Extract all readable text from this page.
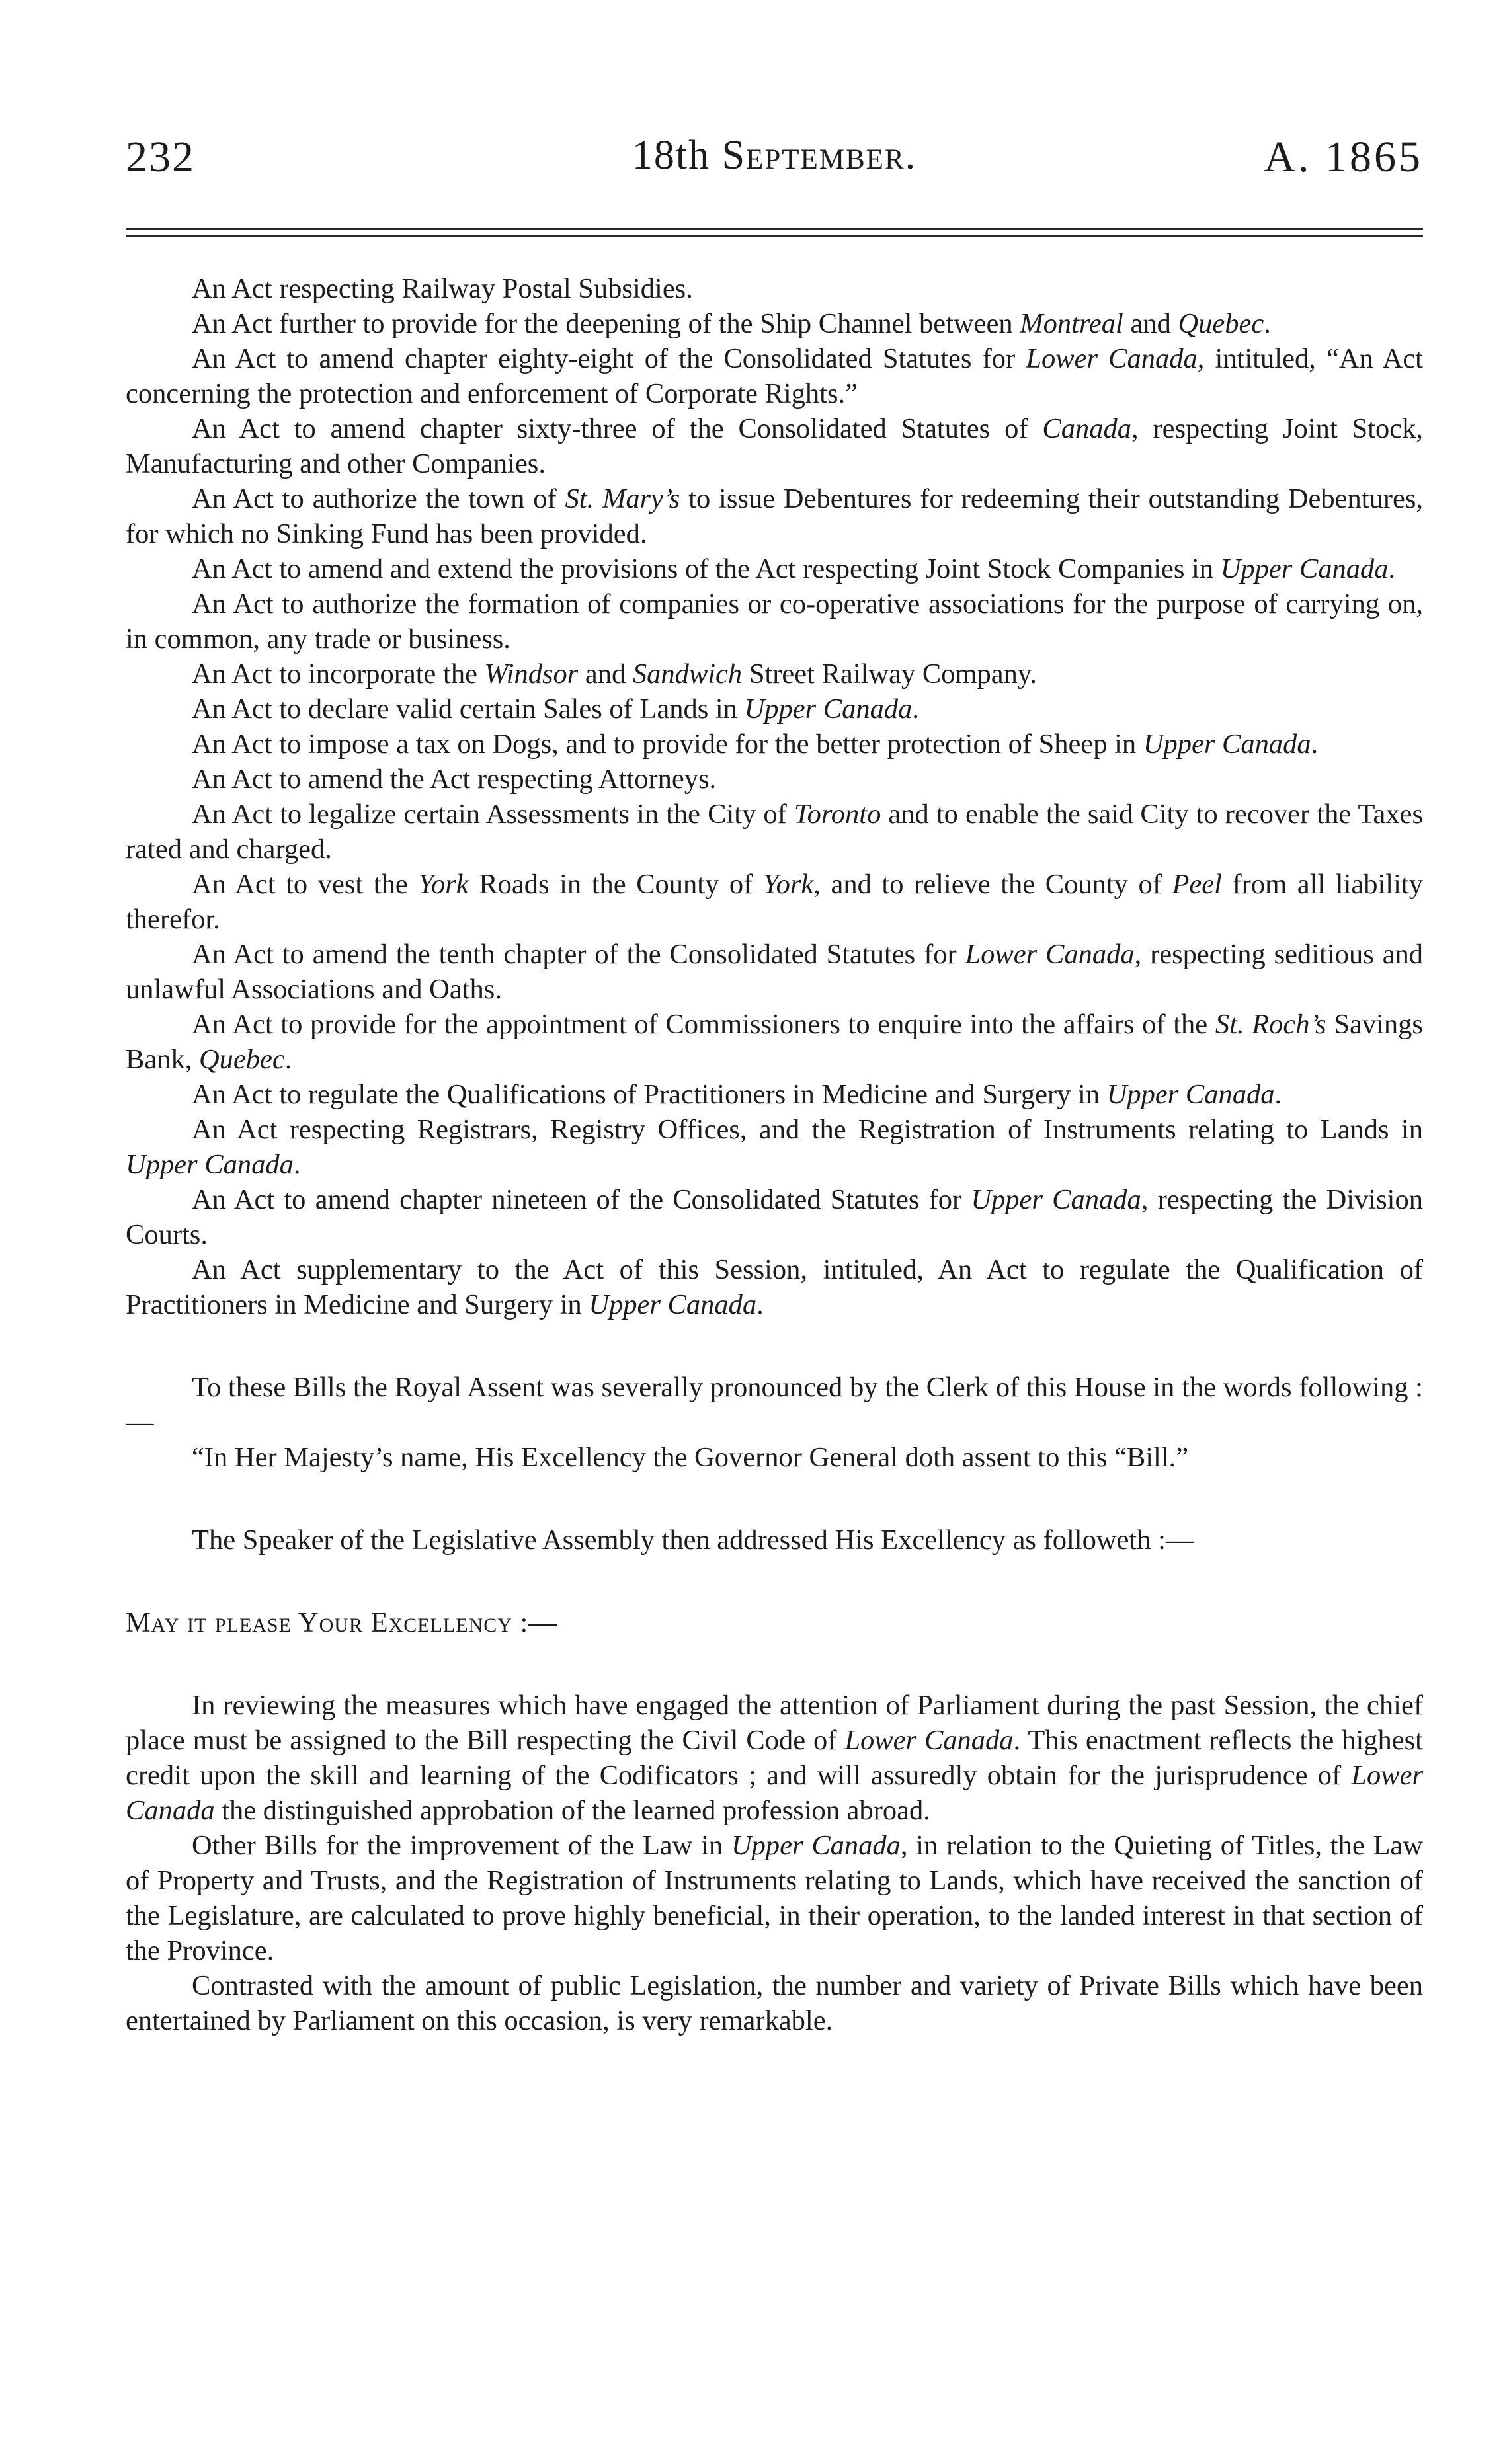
232	18th September.	A. 1865

An Act respecting Railway Postal Subsidies.

An Act further to provide for the deepening of the Ship Channel between Montreal and Quebec.

An Act to amend chapter eighty-eight of the Consolidated Statutes for Lower Canada, intituled, “An Act concerning the protection and enforcement of Corporate Rights.”

An Act to amend chapter sixty-three of the Consolidated Statutes of Canada, respecting Joint Stock, Manufacturing and other Companies.

An Act to authorize the town of St. Mary’s to issue Debentures for redeeming their outstanding Debentures, for which no Sinking Fund has been provided.

An Act to amend and extend the provisions of the Act respecting Joint Stock Companies in Upper Canada.

An Act to authorize the formation of companies or co-operative associations for the purpose of carrying on, in common, any trade or business.

An Act to incorporate the Windsor and Sandwich Street Railway Company.

An Act to declare valid certain Sales of Lands in Upper Canada.

An Act to impose a tax on Dogs, and to provide for the better protection of Sheep in Upper Canada.

An Act to amend the Act respecting Attorneys.

An Act to legalize certain Assessments in the City of Toronto and to enable the said City to recover the Taxes rated and charged.

An Act to vest the York Roads in the County of York, and to relieve the County of Peel from all liability therefor.

An Act to amend the tenth chapter of the Consolidated Statutes for Lower Canada, respecting seditious and unlawful Associations and Oaths.

An Act to provide for the appointment of Commissioners to enquire into the affairs of the St. Roch’s Savings Bank, Quebec.

An Act to regulate the Qualifications of Practitioners in Medicine and Surgery in Upper Canada.

An Act respecting Registrars, Registry Offices, and the Registration of Instruments relating to Lands in Upper Canada.

An Act to amend chapter nineteen of the Consolidated Statutes for Upper Canada, respecting the Division Courts.

An Act supplementary to the Act of this Session, intituled, An Act to regulate the Qualification of Practitioners in Medicine and Surgery in Upper Canada.

To these Bills the Royal Assent was severally pronounced by the Clerk of this House in the words following :—

“In Her Majesty’s name, His Excellency the Governor General doth assent to this “Bill.”

The Speaker of the Legislative Assembly then addressed His Excellency as followeth :—

May it please Your Excellency :—

In reviewing the measures which have engaged the attention of Parliament during the past Session, the chief place must be assigned to the Bill respecting the Civil Code of Lower Canada. This enactment reflects the highest credit upon the skill and learning of the Codificators ; and will assuredly obtain for the jurisprudence of Lower Canada the distinguished approbation of the learned profession abroad.

Other Bills for the improvement of the Law in Upper Canada, in relation to the Quieting of Titles, the Law of Property and Trusts, and the Registration of Instruments relating to Lands, which have received the sanction of the Legislature, are calculated to prove highly beneficial, in their operation, to the landed interest in that section of the Province.

Contrasted with the amount of public Legislation, the number and variety of Private Bills which have been entertained by Parliament on this occasion, is very remarkable.
